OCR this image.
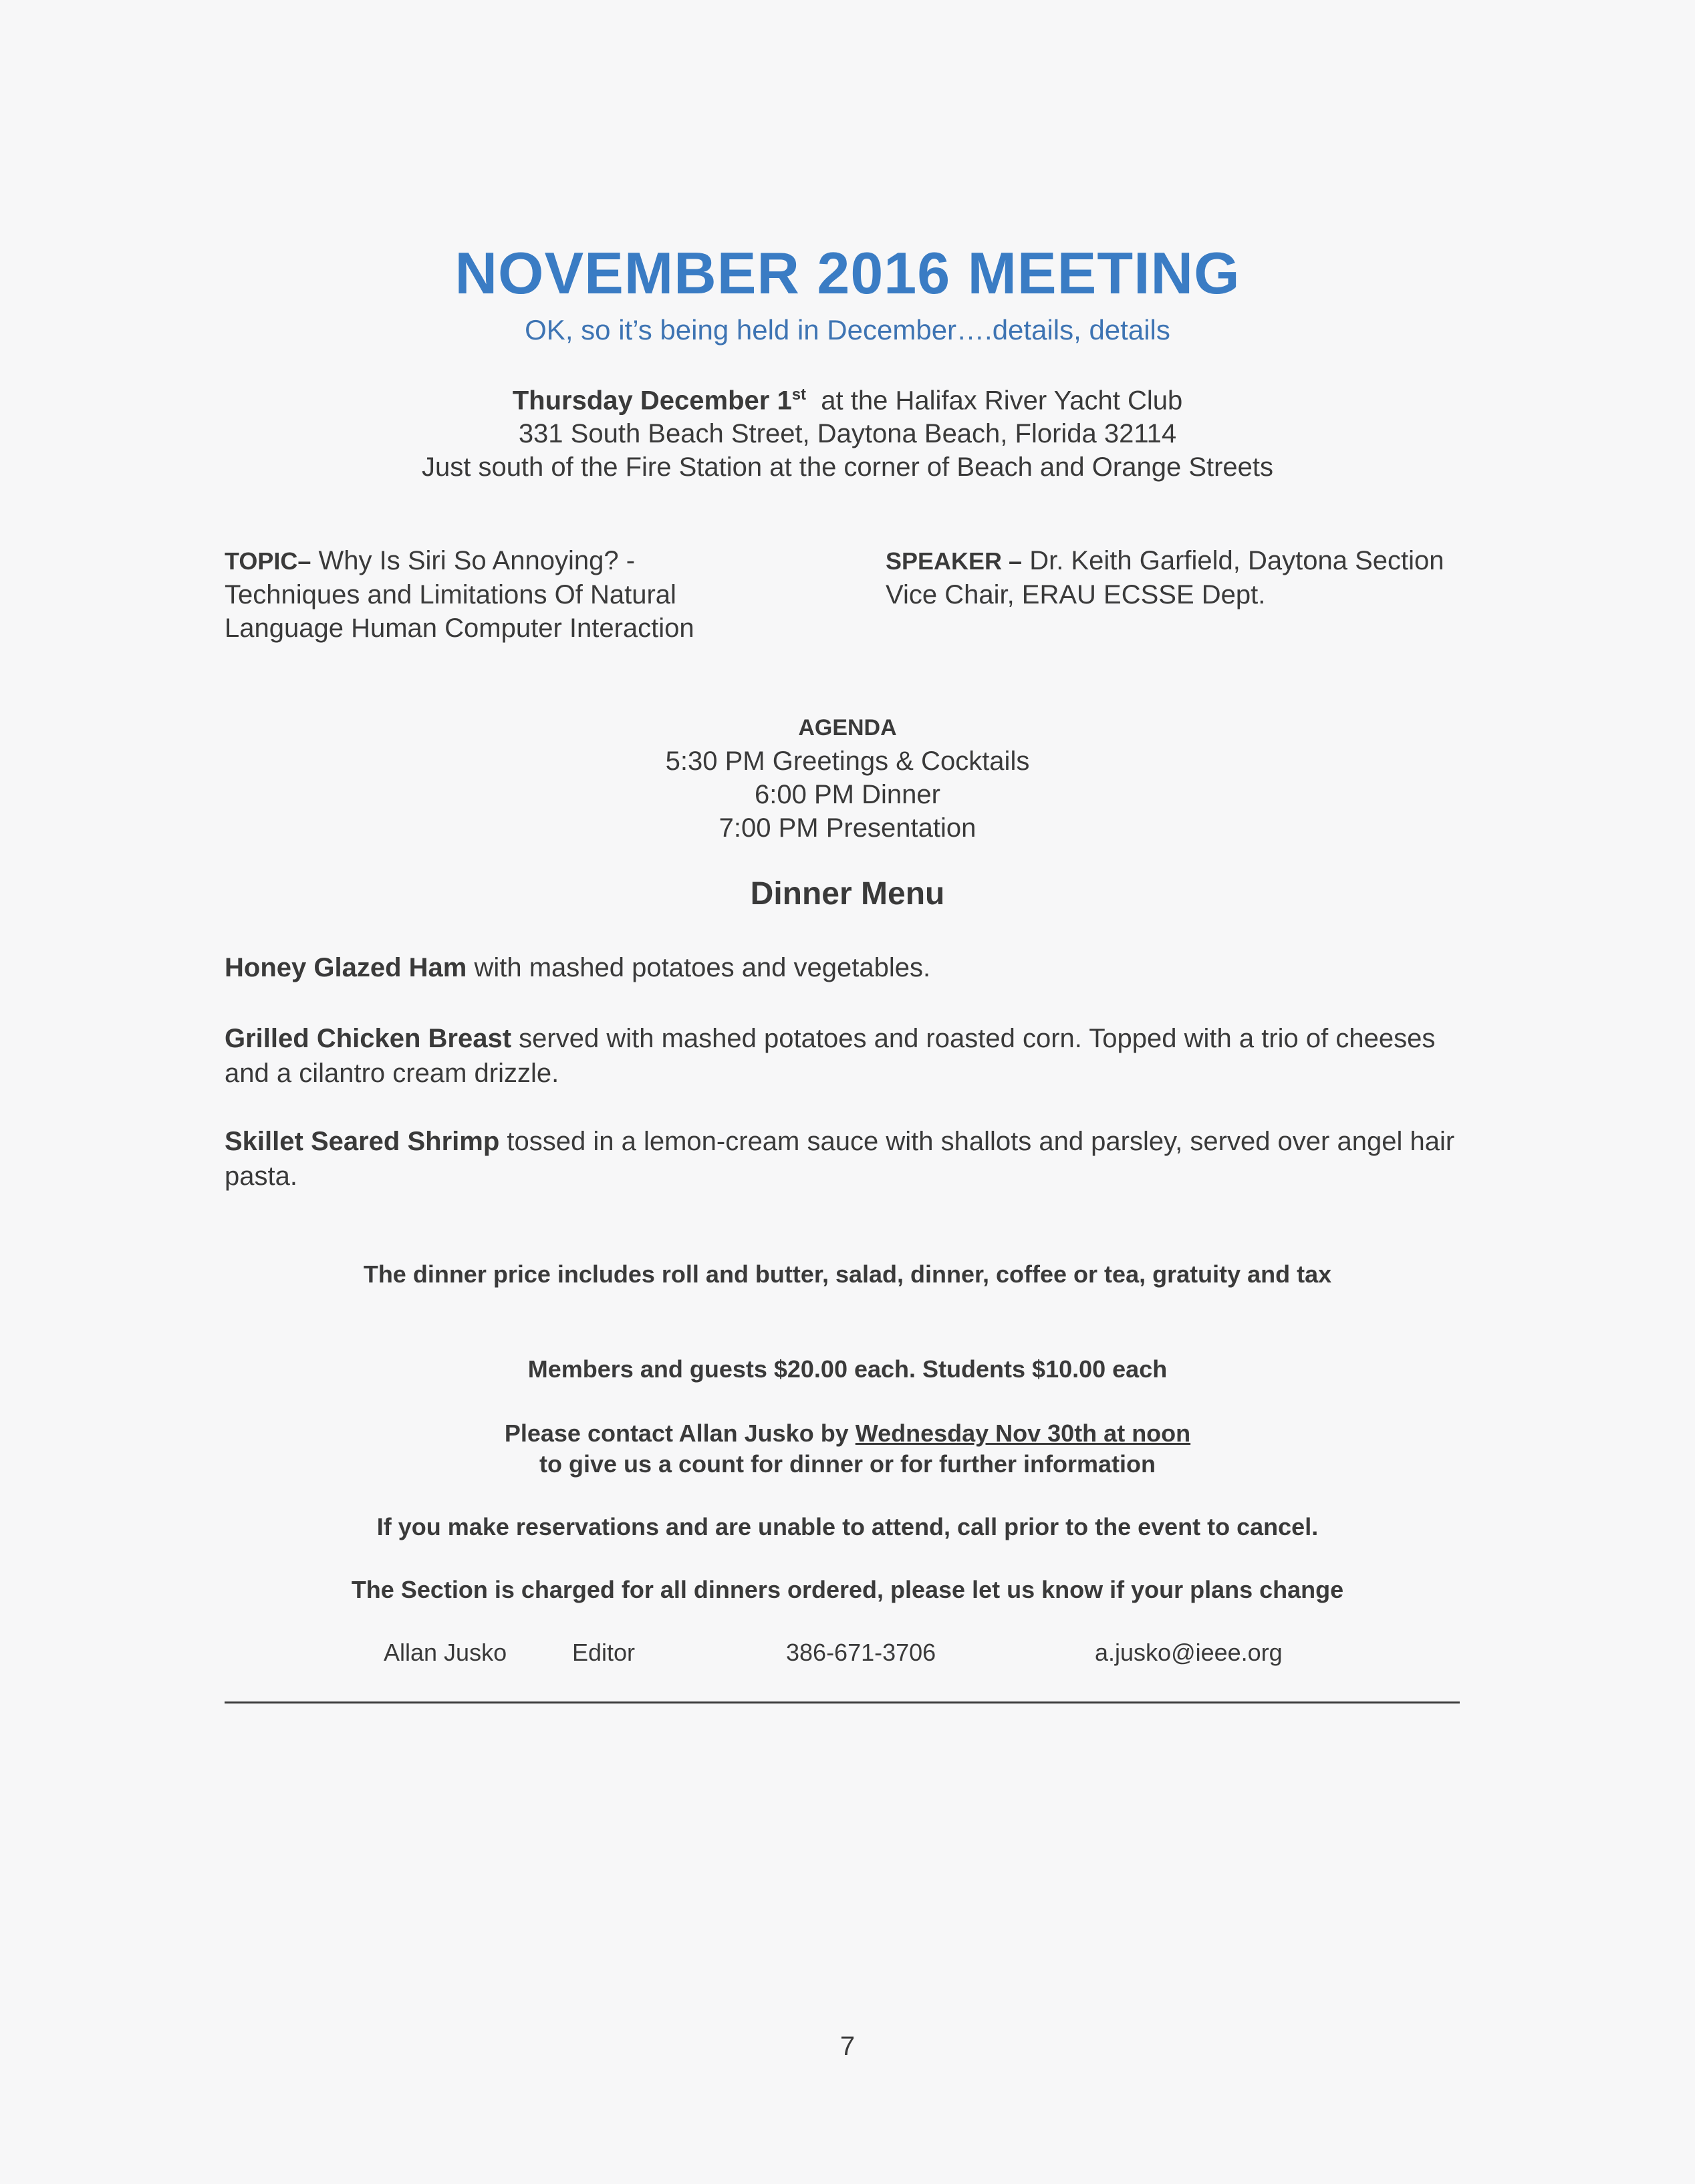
NOVEMBER 2016 MEETING
OK, so it’s being held in December….details, details
Thursday December 1st at the Halifax River Yacht Club
331 South Beach Street, Daytona Beach, Florida 32114
Just south of the Fire Station at the corner of Beach and Orange Streets
TOPIC– Why Is Siri So Annoying? - Techniques and Limitations Of Natural Language Human Computer Interaction
SPEAKER – Dr. Keith Garfield, Daytona Section Vice Chair, ERAU ECSSE Dept.
AGENDA
5:30 PM Greetings & Cocktails
6:00 PM Dinner
7:00 PM Presentation
Dinner Menu
Honey Glazed Ham with mashed potatoes and vegetables.
Grilled Chicken Breast served with mashed potatoes and roasted corn. Topped with a trio of cheeses and a cilantro cream drizzle.
Skillet Seared Shrimp tossed in a lemon-cream sauce with shallots and parsley, served over angel hair pasta.
The dinner price includes roll and butter, salad, dinner, coffee or tea, gratuity and tax
Members and guests $20.00 each. Students $10.00 each
Please contact Allan Jusko by Wednesday Nov 30th at noon
to give us a count for dinner or for further information
If you make reservations and are unable to attend, call prior to the event to cancel.
The Section is charged for all dinners ordered, please let us know if your plans change
Allan Jusko	Editor	386-671-3706	a.jusko@ieee.org
7
